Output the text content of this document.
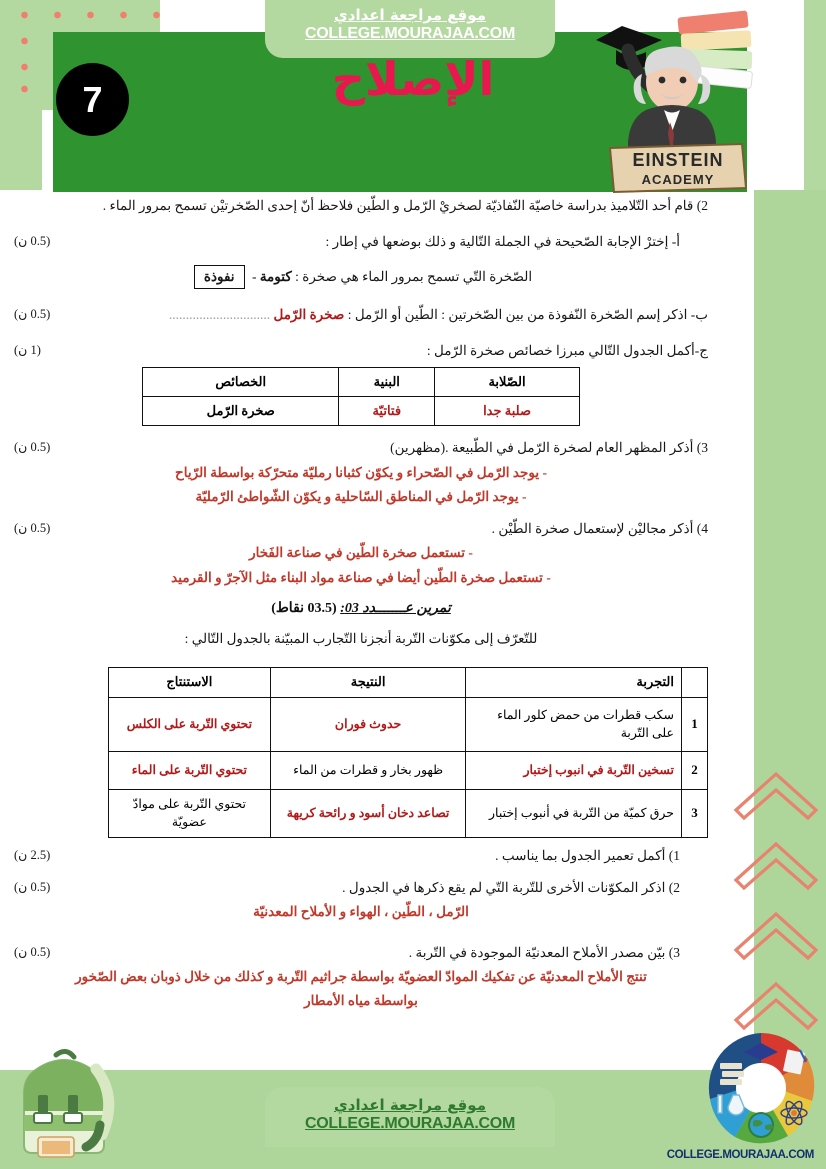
موقع مراجعة اعدادي
COLLEGE.MOURAJAA.COM
7	الإصلاح
EINSTEIN
ACADEMY
2) قام أحد التّلاميذ بدراسة خاصيّة النّفاذيّة لصخريْ الرّمل و الطّين فلاحظ أنّ إحدى الصّخرتيْن تسمح بمرور الماء .
(0.5 ن)	أ- إخترْ الإجابة الصّحيحة في الجملة التّالية و ذلك بوضعها في إطار :
الصّخرة التّي تسمح بمرور الماء هي صخرة : كتومة - نفوذة
(0.5 ن)	ب- اذكر إسم الصّخرة النّفوذة من بين الصّخرتين : الطّين أو الرّمل : صخرة الرّمل ..............................
(1 ن)	ج-أكمل الجدول التّالي مبرزا خصائص صخرة الرّمل :
الصّلابة	البنية	الخصائص
صلبة جدا	فتاتيّة	صخرة الرّمل
(0.5 ن)	3) أذكر المظهر العام لصخرة الرّمل في الطّبيعة .(مظهرين)
- يوجد الرّمل في الصّحراء و يكوّن كثبانا رمليّة متحرّكة بواسطة الرّياح
- يوجد الرّمل في المناطق السّاحلية و يكوّن الشّواطئ الرّمليّة
(0.5 ن)	4) أذكر مجاليْن لإستعمال صخرة الطّيْن .
- تستعمل صخرة الطّين في صناعة الفَخار
- تستعمل صخرة الطّين أيضا في صناعة مواد البناء مثل الآجرّ و القرميد
تمرين عـــــــدد 03: (03.5 نقاط)
للتّعرّف إلى مكوّنات التّربة أنجزنا التّجارب المبيّنة بالجدول التّالي :
	التجربة	النتيجة	الاستنتاج
1	سكب قطرات من حمض كلور الماء على التّربة	حدوث فوران	تحتوي التّربة على الكلس
2	تسخين التّربة في انبوب إختبار	ظهور بخار و قطرات من الماء	تحتوي التّربة على الماء
3	حرق كميّة من التّربة في أنبوب إختبار	تصاعد دخان أسود و رائحة كريهة	تحتوي التّربة على موادّ عضويّة
(2.5 ن)	1) أكمل تعمير الجدول بما يناسب .
(0.5 ن)	2) اذكر المكوّنات الأخرى للتّربة التّي لم يقع ذكرها في الجدول .
الرّمل ، الطّين ، الهواء و الأملاح المعدنيّة
(0.5 ن)	3) بيّن مصدر الأملاح المعدنيّة الموجودة في التّربة .
تنتج الأملاح المعدنيّة عن تفكيك الموادّ العضويّة بواسطة جراثيم التّربة و كذلك من خلال ذوبان بعض الصّخور
بواسطة مياه الأمطار
موقع مراجعة اعدادي
COLLEGE.MOURAJAA.COM
COLLEGE.MOURAJAA.COM
